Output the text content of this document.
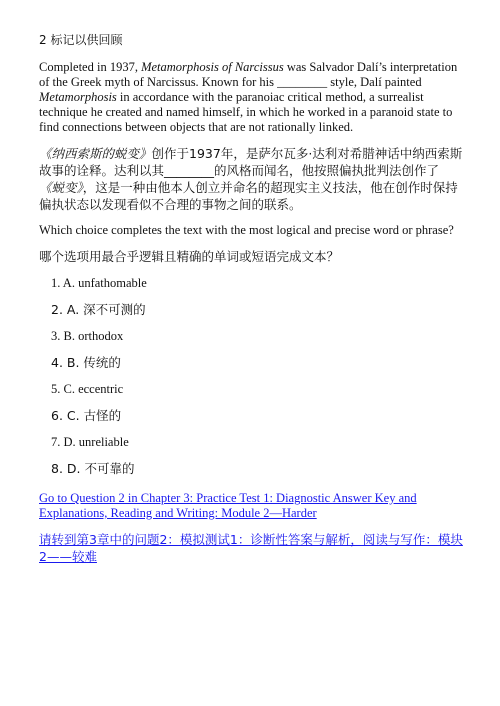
2 标记以供回顾

Completed in 1937, Metamorphosis of Narcissus was Salvador Dalí’s interpretation of the Greek myth of Narcissus. Known for his ________ style, Dalí painted Metamorphosis in accordance with the paranoiac critical method, a surrealist technique he created and named himself, in which he worked in a paranoid state to find connections between objects that are not rationally linked.

《纳西索斯的蜕变》创作于1937年，是萨尔瓦多·达利对希腊神话中纳西索斯故事的诠释。达利以其________的风格而闻名，他按照偏执批判法创作了《蜕变》，这是一种由他本人创立并命名的超现实主义技法，他在创作时保持偏执状态以发现看似不合理的事物之间的联系。

Which choice completes the text with the most logical and precise word or phrase?

哪个选项用最合乎逻辑且精确的单词或短语完成文本？

1. A. unfathomable
2. A. 深不可测的
3. B. orthodox
4. B. 传统的
5. C. eccentric
6. C. 古怪的
7. D. unreliable
8. D. 不可靠的
Go to Question 2 in Chapter 3: Practice Test 1: Diagnostic Answer Key and Explanations, Reading and Writing: Module 2—Harder
请转到第3章中的问题2：模拟测试1：诊断性答案与解析，阅读与写作：模块2——较难
